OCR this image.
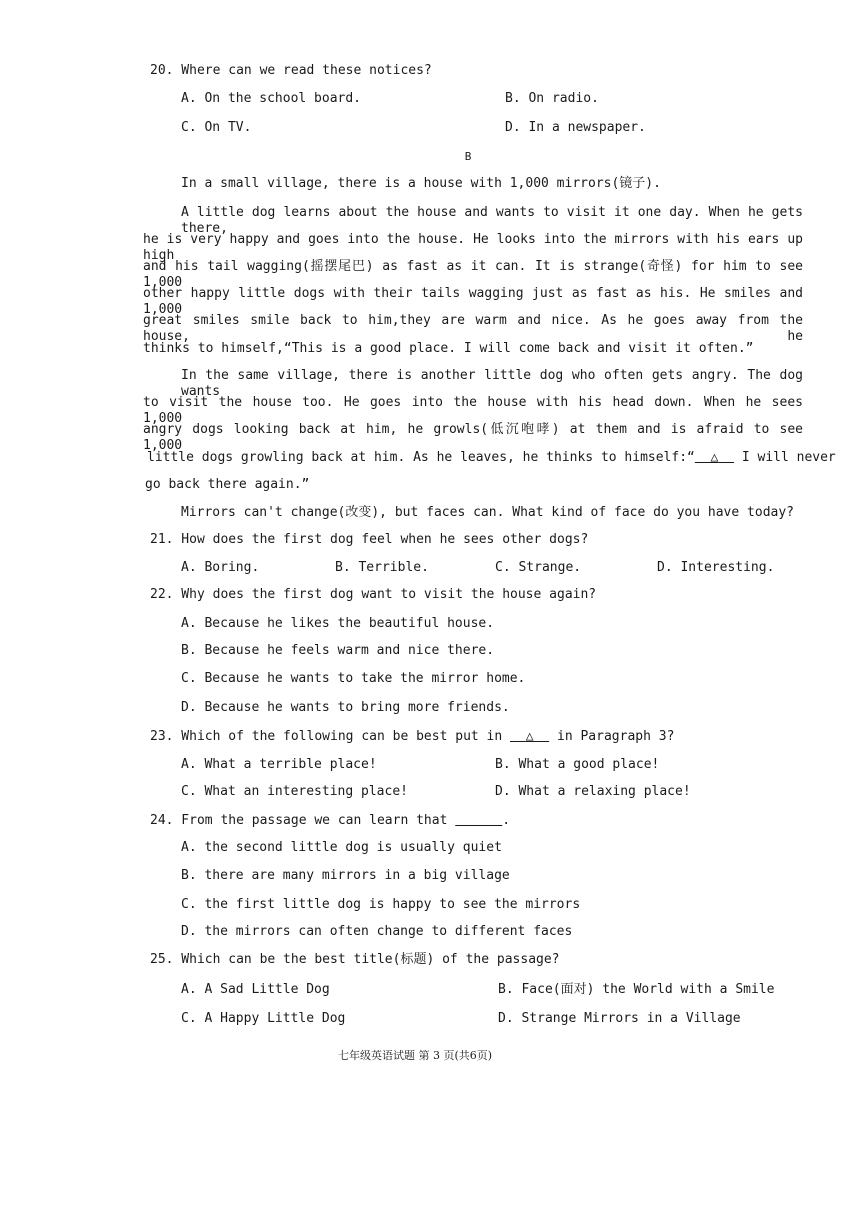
20. Where can we read these notices?
A. On the school board.	B. On radio.
C. On TV.	D. In a newspaper.
B
In a small village, there is a house with 1,000 mirrors(镜子).
A little dog learns about the house and wants to visit it one day. When he gets there,
he is very happy and goes into the house. He looks into the mirrors with his ears up high
and his tail wagging(摇摆尾巴) as fast as it can. It is strange(奇怪) for him to see 1,000
other happy little dogs with their tails wagging just as fast as his. He smiles and 1,000
great smiles smile back to him,they are warm and nice. As he goes away from the house, he
thinks to himself,“This is a good place. I will come back and visit it often.”
In the same village, there is another little dog who often gets angry. The dog wants
to visit the house too. He goes into the house with his head down. When he sees 1,000
angry dogs looking back at him, he growls(低沉咆哮) at them and is afraid to see 1,000
little dogs growling back at him. As he leaves, he thinks to himself:“	△	I will never
go back there again.”
Mirrors can't change(改变), but faces can. What kind of face do you have today?
21. How does the first dog feel when he sees other dogs?
A. Boring.	B. Terrible.	C. Strange.	D. Interesting.
22. Why does the first dog want to visit the house again?
A. Because he likes the beautiful house.
B. Because he feels warm and nice there.
C. Because he wants to take the mirror home.
D. Because he wants to bring more friends.
23. Which of the following can be best put in   △   in Paragraph 3?
A. What a terrible place!	B. What a good place!
C. What an interesting place!	D. What a relaxing place!
24. From the passage we can learn that	.
A. the second little dog is usually quiet
B. there are many mirrors in a big village
C. the first little dog is happy to see the mirrors
D. the mirrors can often change to different faces
25. Which can be the best title(标题) of the passage?
A. A Sad Little Dog	B. Face(面对) the World with a Smile
C. A Happy Little Dog	D. Strange Mirrors in a Village
七年级英语试题 第 3 页(共6页)
